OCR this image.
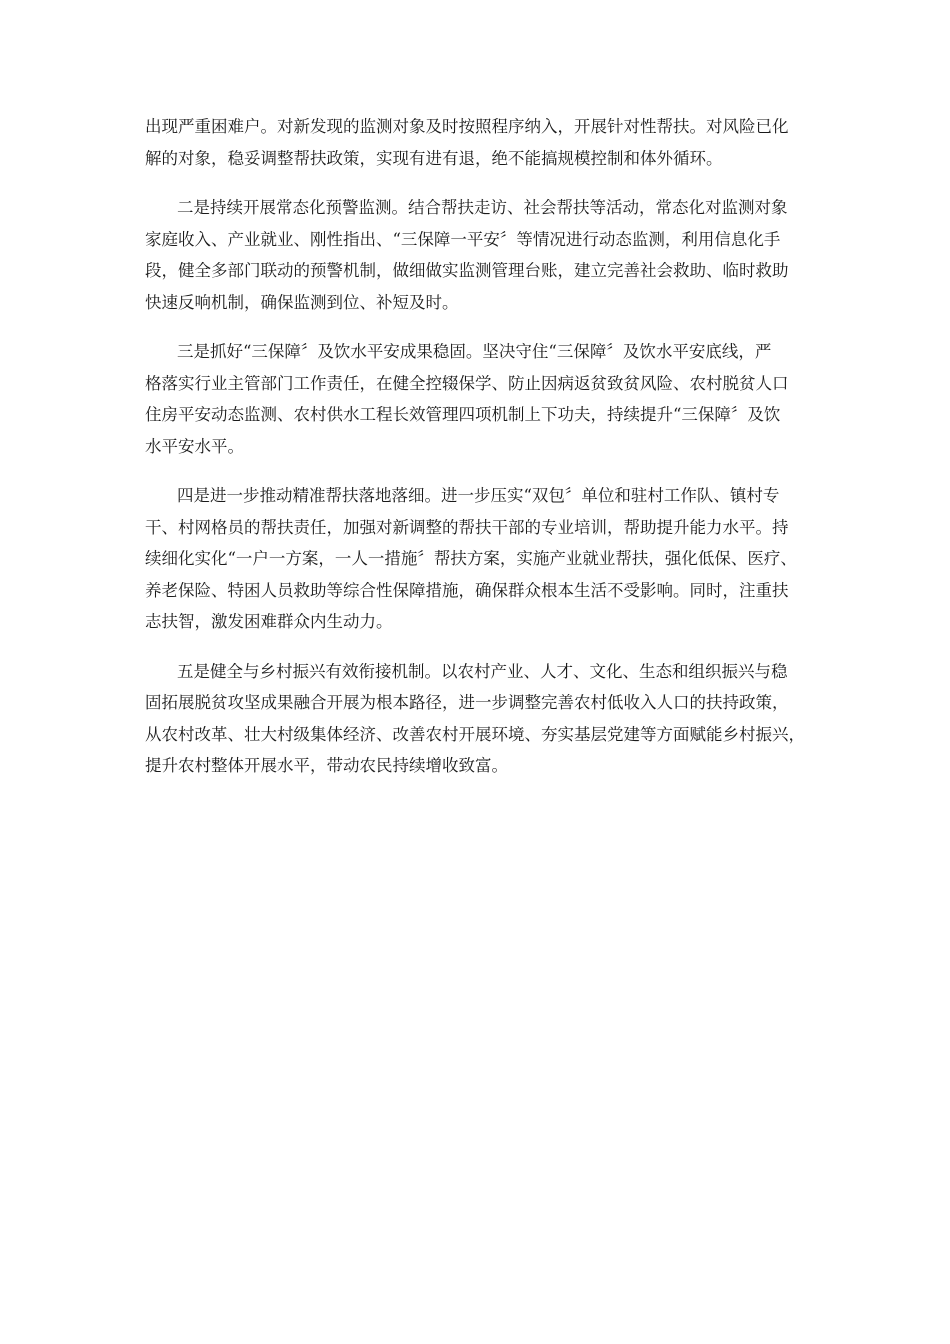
出现严重困难户。对新发现的监测对象及时按照程序纳入，开展针对性帮扶。对风险已化
解的对象，稳妥调整帮扶政策，实现有进有退，绝不能搞规模控制和体外循环。
二是持续开展常态化预警监测。结合帮扶走访、社会帮扶等活动，常态化对监测对象
家庭收入、产业就业、刚性指出、“三保障一平安〞等情况进行动态监测，利用信息化手
段，健全多部门联动的预警机制，做细做实监测管理台账，建立完善社会救助、临时救助
快速反响机制，确保监测到位、补短及时。
三是抓好“三保障〞及饮水平安成果稳固。坚决守住“三保障〞及饮水平安底线，严
格落实行业主管部门工作责任，在健全控辍保学、防止因病返贫致贫风险、农村脱贫人口
住房平安动态监测、农村供水工程长效管理四项机制上下功夫，持续提升“三保障〞及饮
水平安水平。
四是进一步推动精准帮扶落地落细。进一步压实“双包〞单位和驻村工作队、镇村专
干、村网格员的帮扶责任，加强对新调整的帮扶干部的专业培训，帮助提升能力水平。持
续细化实化“一户一方案，一人一措施〞帮扶方案，实施产业就业帮扶，强化低保、医疗、
养老保险、特困人员救助等综合性保障措施，确保群众根本生活不受影响。同时，注重扶
志扶智，激发困难群众内生动力。
五是健全与乡村振兴有效衔接机制。以农村产业、人才、文化、生态和组织振兴与稳
固拓展脱贫攻坚成果融合开展为根本路径，进一步调整完善农村低收入人口的扶持政策，
从农村改革、壮大村级集体经济、改善农村开展环境、夯实基层党建等方面赋能乡村振兴，
提升农村整体开展水平，带动农民持续增收致富。
